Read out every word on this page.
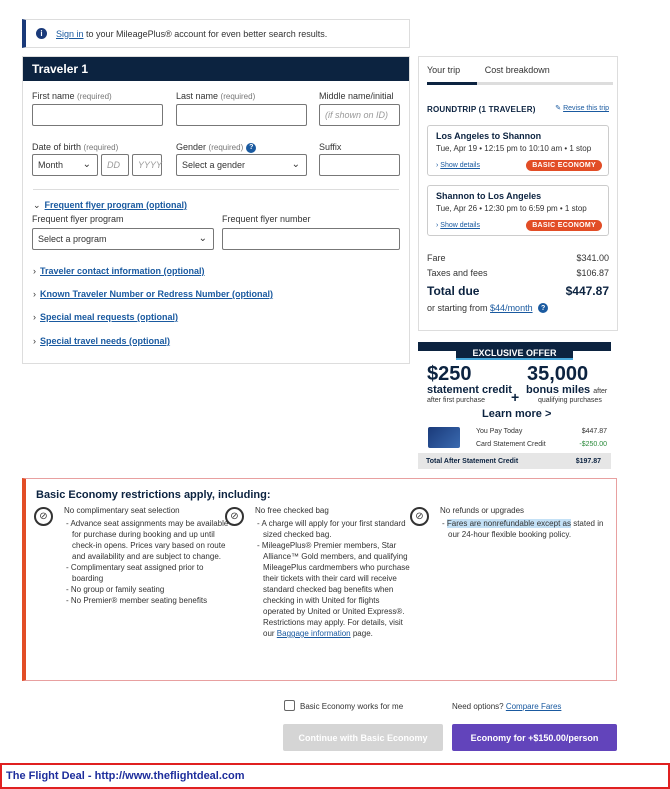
i	Sign in
to your MileagePlus® account for even better search results.
Traveler 1
First name (required)	Last name (required)	Middle name/initial
(if shown on ID)
Date of birth (required)
Month ⌄	DD	YYYY
Gender (required) ?
Select a gender	⌄
Suffix
⌄ Frequent flyer program (optional)
Frequent flyer program
Select a program	⌄
Frequent flyer number
› Traveler contact information (optional)
› Known Traveler Number or Redress Number (optional)
› Special meal requests (optional)
› Special travel needs (optional)
Your trip	Cost breakdown
ROUNDTRIP (1 TRAVELER)	✎ Revise this trip
Los Angeles to Shannon
Tue, Apr 19 • 12:15 pm to 10:10 am • 1 stop
› Show details	BASIC ECONOMY
Shannon to Los Angeles
Tue, Apr 26 • 12:30 pm to 6:59 pm • 1 stop
› Show details	BASIC ECONOMY
Fare	$341.00
Taxes and fees	$106.87
Total due	$447.87
or starting from
$44/month
	?
EXCLUSIVE OFFER
$250
statement credit
after first purchase +
35,000
bonus miles after
qualifying purchases
Learn more >
You Pay Today	$447.87
Card Statement Credit	-$250.00
Total After Statement Credit	$197.87
Basic Economy restrictions apply, including:
⊘
No complimentary seat selection
- Advance seat assignments may be available for purchase during booking and up until check-in opens. Prices vary based on route and availability and are subject to change.
- Complimentary seat assigned prior to boarding
- No group or family seating
- No Premier® member seating benefits
⊘
No free checked bag
- A charge will apply for your first standard sized checked bag.
- MileagePlus® Premier members, Star Alliance™ Gold members, and qualifying MileagePlus cardmembers who purchase their tickets with their card will receive standard checked bag benefits when checking in with United for flights operated by United or United Express®. Restrictions may apply. For details, visit our Baggage information page.
⊘
No refunds or upgrades
- Fares are nonrefundable except as stated in our 24-hour flexible booking policy.
Basic Economy works for me	Need options? Compare Fares
Continue with Basic Economy	Economy for +$150.00/person
The Flight Deal - http://www.theflightdeal.com
